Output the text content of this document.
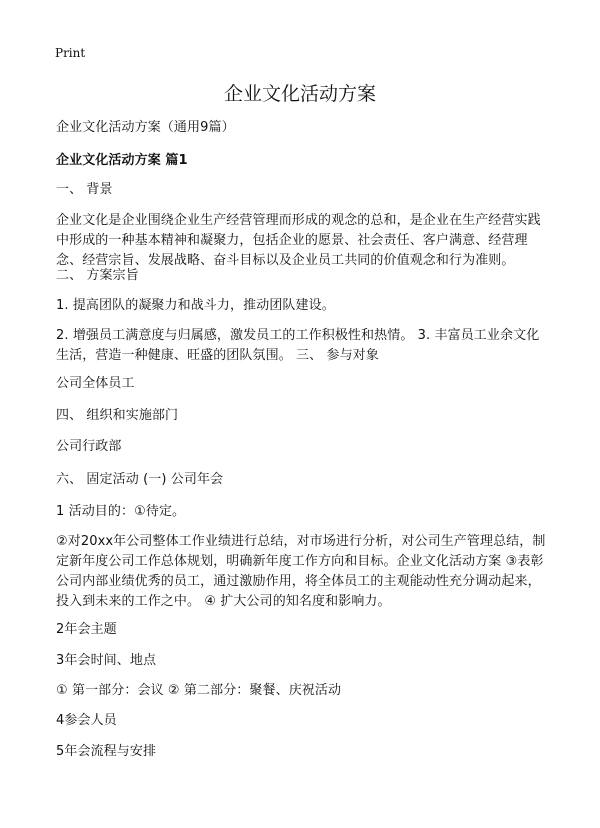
Print
企业文化活动方案
企业文化活动方案（通用9篇）
企业文化活动方案 篇1
一、 背景
企业文化是企业围绕企业生产经营管理而形成的观念的总和，是企业在生产经营实践中形成的一种基本精神和凝聚力，包括企业的愿景、社会责任、客户满意、经营理念、经营宗旨、发展战略、奋斗目标以及企业员工共同的价值观念和行为准则。
二、 方案宗旨
1. 提高团队的凝聚力和战斗力，推动团队建设。
2. 增强员工满意度与归属感，激发员工的工作积极性和热情。 3. 丰富员工业余文化生活，营造一种健康、旺盛的团队氛围。 三、 参与对象
公司全体员工
四、 组织和实施部门
公司行政部
六、 固定活动 (一) 公司年会
1 活动目的：①待定。
②对20xx年公司整体工作业绩进行总结，对市场进行分析，对公司生产管理总结，制定新年度公司工作总体规划，明确新年度工作方向和目标。企业文化活动方案 ③表彰公司内部业绩优秀的员工，通过激励作用，将全体员工的主观能动性充分调动起来，投入到未来的工作之中。 ④ 扩大公司的知名度和影响力。
2年会主题
3年会时间、地点
① 第一部分：会议 ② 第二部分：聚餐、庆祝活动
4参会人员
5年会流程与安排
